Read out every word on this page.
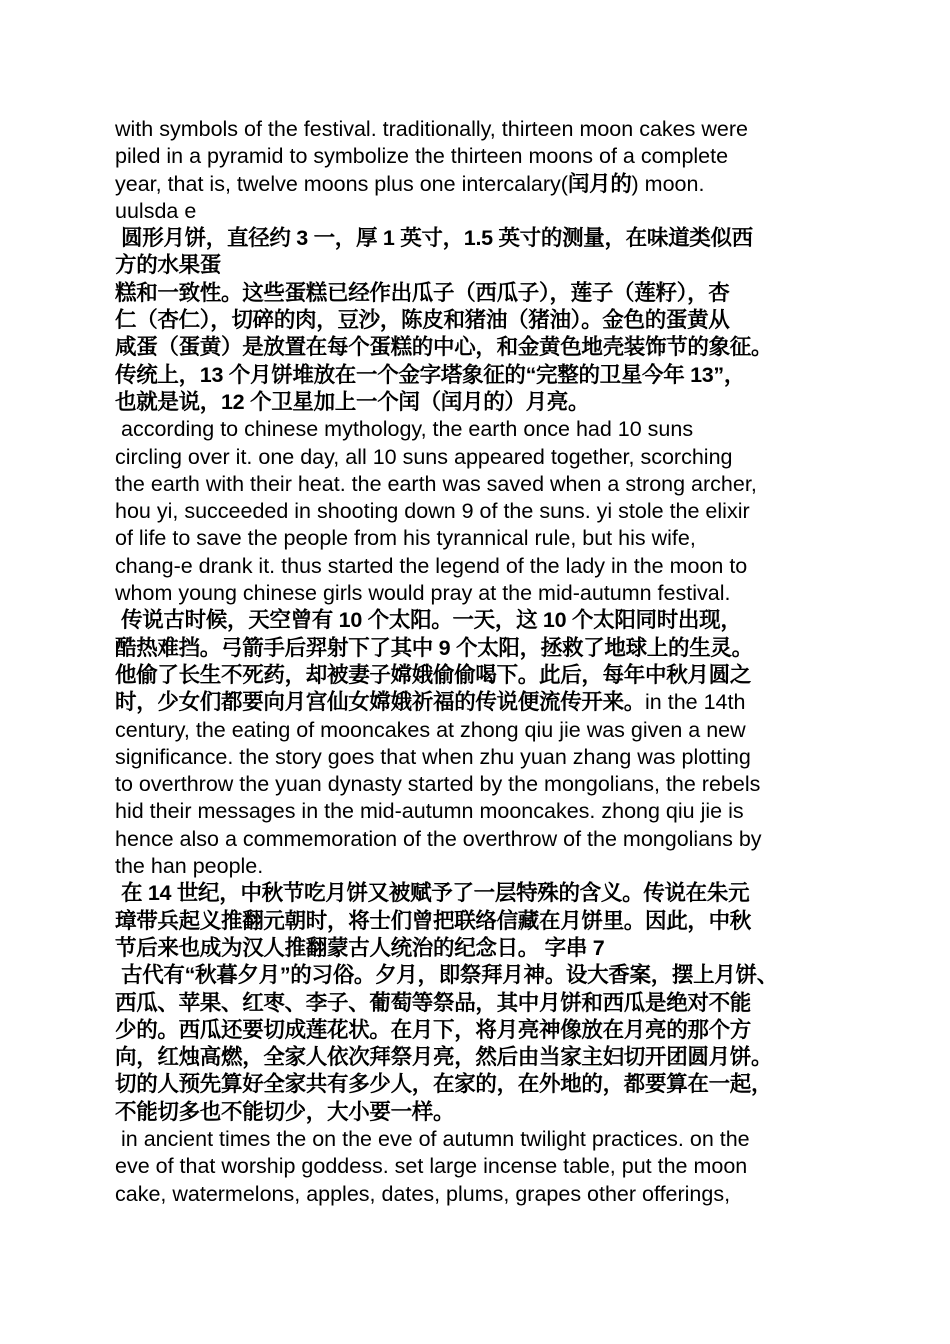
with symbols of the festival. traditionally, thirteen moon cakes were
piled in a pyramid to symbolize the thirteen moons of a complete
year, that is, twelve moons plus one intercalary(闰月的) moon.
uulsda e
圆形月饼，直径约 3 一，厚 1 英寸，1.5 英寸的测量，在味道类似西
方的水果蛋
糕和一致性。这些蛋糕已经作出瓜子（西瓜子），莲子（莲籽），杏
仁（杏仁），切碎的肉，豆沙，陈皮和猪油（猪油）。金色的蛋黄从
咸蛋（蛋黄）是放置在每个蛋糕的中心，和金黄色地壳装饰节的象征。
传统上，13 个月饼堆放在一个金字塔象征的“完整的卫星今年 13”，
也就是说，12 个卫星加上一个闰（闰月的）月亮。
according to chinese mythology, the earth once had 10 suns
circling over it. one day, all 10 suns appeared together, scorching
the earth with their heat. the earth was saved when a strong archer,
hou yi, succeeded in shooting down 9 of the suns. yi stole the elixir
of life to save the people from his tyrannical rule, but his wife,
chang-e drank it. thus started the legend of the lady in the moon to
whom young chinese girls would pray at the mid-autumn festival.
传说古时候，天空曾有 10 个太阳。一天，这 10 个太阳同时出现，
酷热难挡。弓箭手后羿射下了其中 9 个太阳，拯救了地球上的生灵。
他偷了长生不死药，却被妻子嫦娥偷偷喝下。此后，每年中秋月圆之
时，少女们都要向月宫仙女嫦娥祈福的传说便流传开来。in the 14th
century, the eating of mooncakes at zhong qiu jie was given a new
significance. the story goes that when zhu yuan zhang was plotting
to overthrow the yuan dynasty started by the mongolians, the rebels
hid their messages in the mid-autumn mooncakes. zhong qiu jie is
hence also a commemoration of the overthrow of the mongolians by
the han people.
在 14 世纪，中秋节吃月饼又被赋予了一层特殊的含义。传说在朱元
璋带兵起义推翻元朝时，将士们曾把联络信藏在月饼里。因此，中秋
节后来也成为汉人推翻蒙古人统治的纪念日。 字串 7
古代有“秋暮夕月”的习俗。夕月，即祭拜月神。设大香案，摆上月饼、
西瓜、苹果、红枣、李子、葡萄等祭品，其中月饼和西瓜是绝对不能
少的。西瓜还要切成莲花状。在月下，将月亮神像放在月亮的那个方
向，红烛高燃，全家人依次拜祭月亮，然后由当家主妇切开团圆月饼。
切的人预先算好全家共有多少人，在家的，在外地的，都要算在一起，
不能切多也不能切少，大小要一样。
in ancient times the on the eve of autumn twilight practices. on the
eve of that worship goddess. set large incense table, put the moon
cake, watermelons, apples, dates, plums, grapes other offerings,
